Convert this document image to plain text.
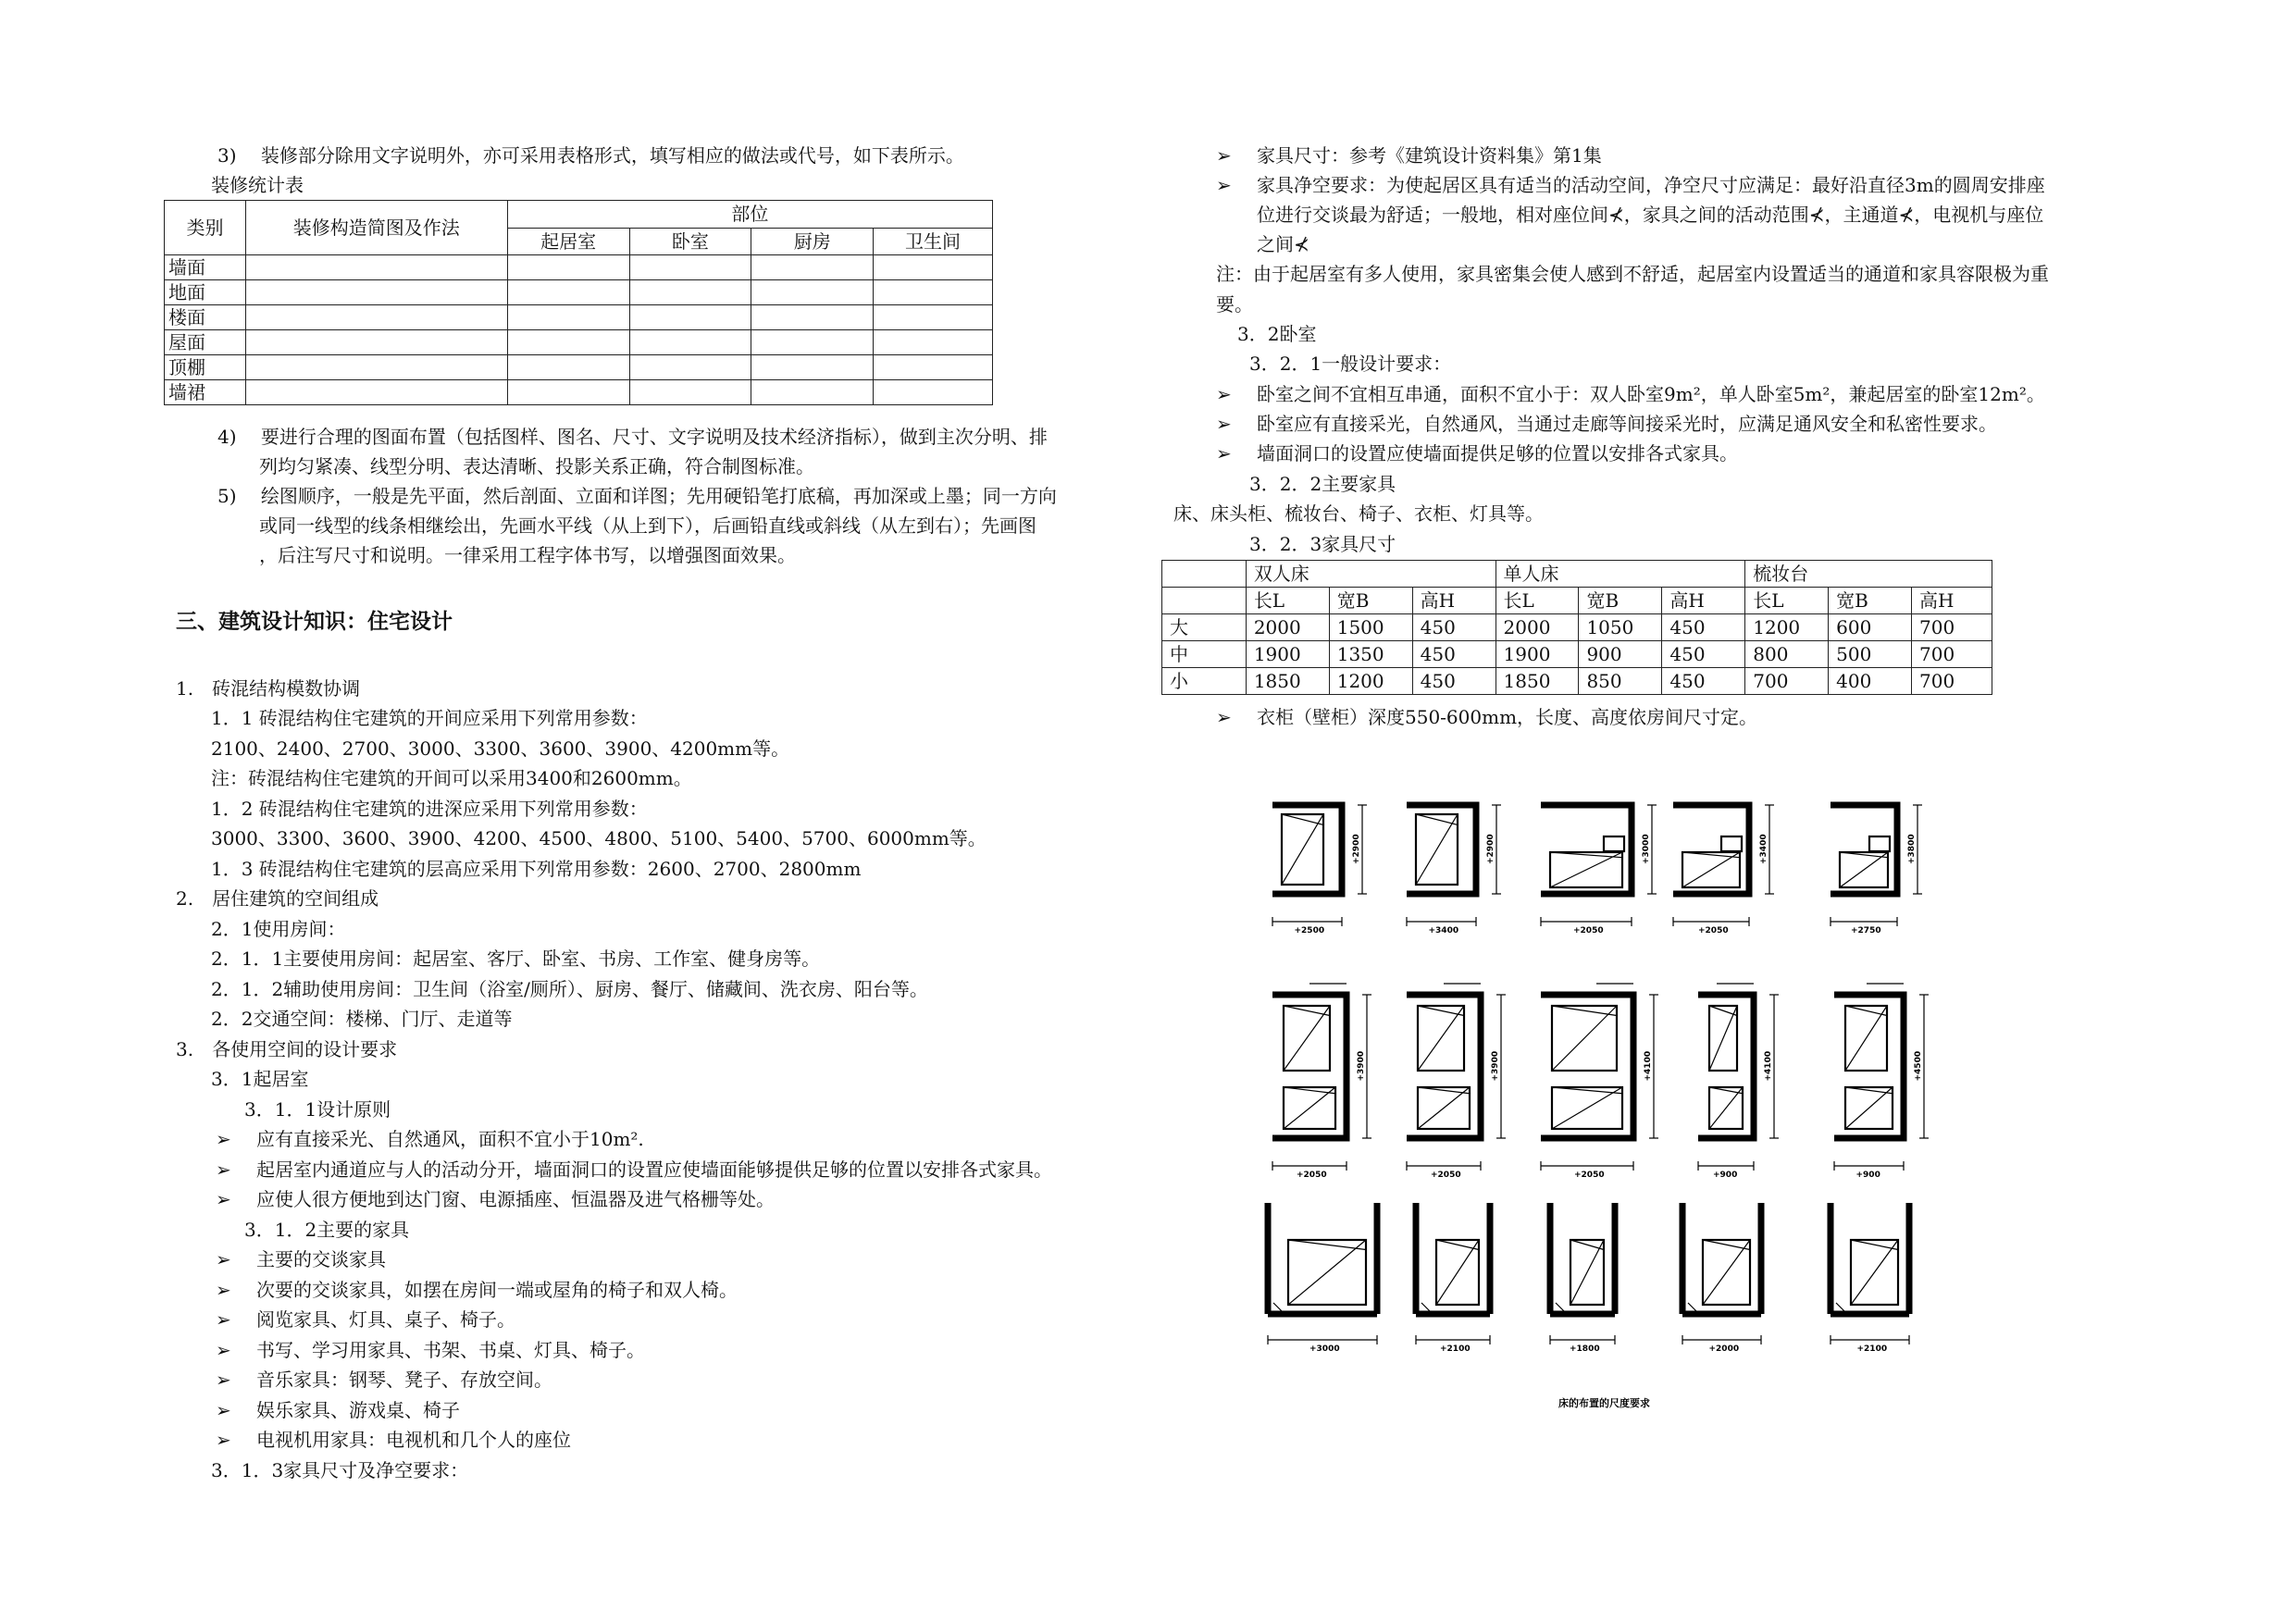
3)　 装修部分除用文字说明外，亦可采用表格形式，填写相应的做法或代号，如下表所示。
装修统计表
类别	装修构造简图及作法	部位			
		起居室	卧室	厨房	卫生间
墙面					
地面					
楼面					
屋面					
顶棚					
墙裙					
4)　 要进行合理的图面布置（包括图样、图名、尺寸、文字说明及技术经济指标），做到主次分明、排
列均匀紧凑、线型分明、表达清晰、投影关系正确，符合制图标准。
5)　 绘图顺序，一般是先平面，然后剖面、立面和详图；先用硬铅笔打底稿，再加深或上墨；同一方向
或同一线型的线条相继绘出，先画水平线（从上到下），后画铅直线或斜线（从左到右）；先画图
，后注写尺寸和说明。一律采用工程字体书写，以增强图面效果。
三、建筑设计知识：住宅设计
1.　砖混结构模数协调
1．1 砖混结构住宅建筑的开间应采用下列常用参数：
2100、2400、2700、3000、3300、3600、3900、4200mm等。
注：砖混结构住宅建筑的开间可以采用3400和2600mm。
1．2 砖混结构住宅建筑的进深应采用下列常用参数：
3000、3300、3600、3900、4200、4500、4800、5100、5400、5700、6000mm等。
1．3 砖混结构住宅建筑的层高应采用下列常用参数：2600、2700、2800mm
2.　居住建筑的空间组成
2．1使用房间：
2．1．1主要使用房间：起居室、客厅、卧室、书房、工作室、健身房等。
2．1．2辅助使用房间：卫生间（浴室/厕所）、厨房、餐厅、储藏间、洗衣房、阳台等。
2．2交通空间：楼梯、门厅、走道等
3.　各使用空间的设计要求
3．1起居室
3．1．1设计原则
➢ 应有直接采光、自然通风，面积不宜小于10m².
➢ 起居室内通道应与人的活动分开，墙面洞口的设置应使墙面能够提供足够的位置以安排各式家具。
➢ 应使人很方便地到达门窗、电源插座、恒温器及进气格栅等处。
3．1．2主要的家具
➢ 主要的交谈家具
➢ 次要的交谈家具，如摆在房间一端或屋角的椅子和双人椅。
➢ 阅览家具、灯具、桌子、椅子。
➢ 书写、学习用家具、书架、书桌、灯具、椅子。
➢ 音乐家具：钢琴、凳子、存放空间。
➢ 娱乐家具、游戏桌、椅子
➢ 电视机用家具：电视机和几个人的座位
3．1．3家具尺寸及净空要求：
➢ 家具尺寸：参考《建筑设计资料集》第1集
➢ 家具净空要求：为使起居区具有适当的活动空间，净空尺寸应满足：最好沿直径3m的圆周安排座
位进行交谈最为舒适；一般地，相对座位间⊀，家具之间的活动范围⊀，主通道⊀，电视机与座位
之间⊀
注：由于起居室有多人使用，家具密集会使人感到不舒适，起居室内设置适当的通道和家具容限极为重
要。
3．2卧室
3．2．1一般设计要求：
➢ 卧室之间不宜相互串通，面积不宜小于：双人卧室9m²，单人卧室5m²，兼起居室的卧室12m²。
➢ 卧室应有直接采光，自然通风，当通过走廊等间接采光时，应满足通风安全和私密性要求。
➢ 墙面洞口的设置应使墙面提供足够的位置以安排各式家具。
3．2．2主要家具
床、床头柜、梳妆台、椅子、衣柜、灯具等。
3．2．3家具尺寸
	双人床			单人床			梳妆台		
	长L	宽B	高H	长L	宽B	高H	长L	宽B	高H
大	2000	1500	450	2000	1050	450	1200	600	700
中	1900	1350	450	1900	900	450	800	500	700
小	1850	1200	450	1850	850	450	700	400	700
➢ 衣柜（壁柜）深度550-600mm，长度、高度依房间尺寸定。
+2900
+2500
+2900
+3400
+3000
+2050
+3400
+2050
+3800
+2750
+3900
+2050
+3900
+2050
+4100
+2050
+4100
+900
+4500
+900
+3000	+2100	+1800	+2000	+2100
床的布置的尺度要求
